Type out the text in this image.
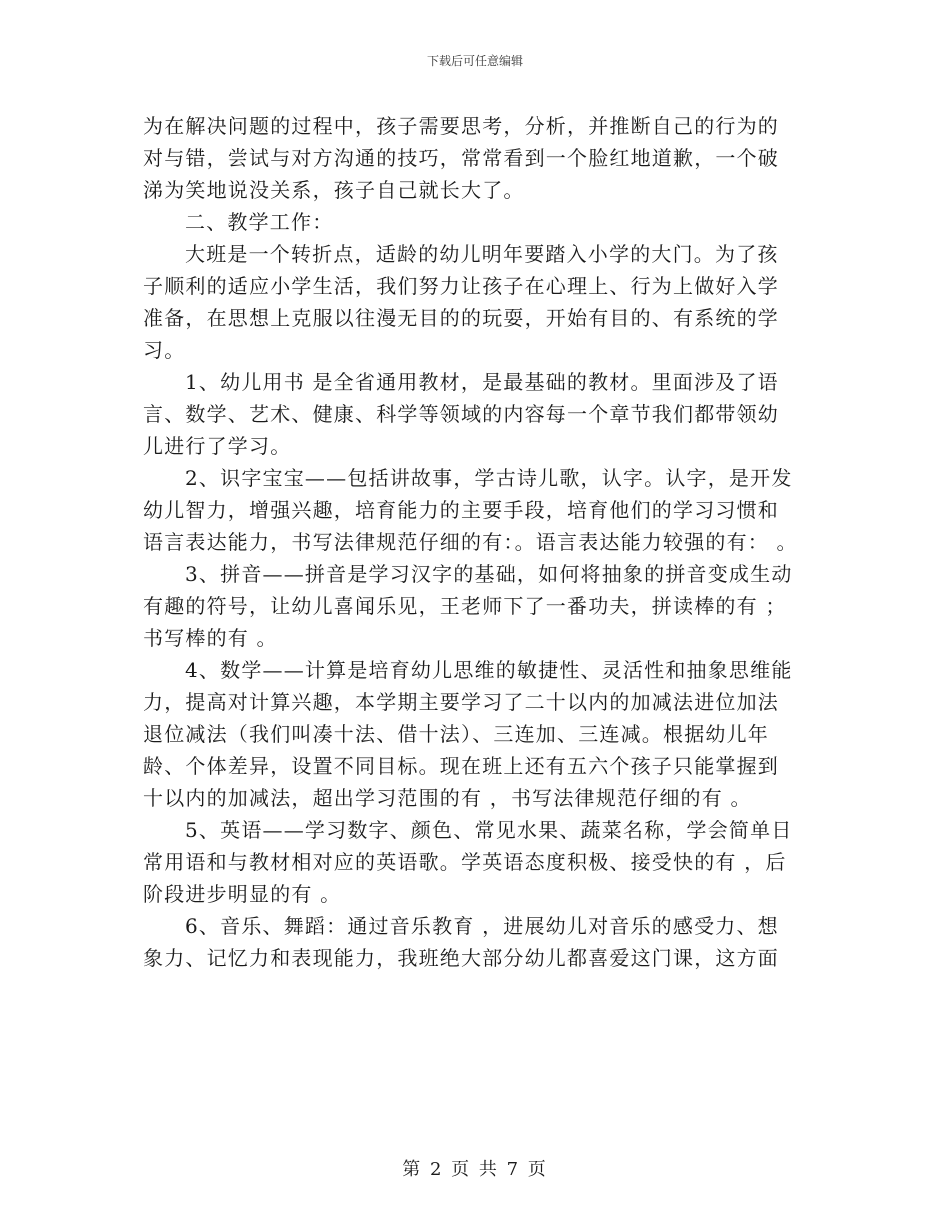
下载后可任意编辑
为在解决问题的过程中，孩子需要思考，分析，并推断自己的行为的
对与错，尝试与对方沟通的技巧，常常看到一个脸红地道歉，一个破
涕为笑地说没关系，孩子自己就长大了。
二、教学工作：
大班是一个转折点，适龄的幼儿明年要踏入小学的大门。为了孩
子顺利的适应小学生活，我们努力让孩子在心理上、行为上做好入学
准备，在思想上克服以往漫无目的的玩耍，开始有目的、有系统的学
习。
1、幼儿用书 是全省通用教材，是最基础的教材。里面涉及了语
言、数学、艺术、健康、科学等领域的内容每一个章节我们都带领幼
儿进行了学习。
2、识字宝宝——包括讲故事，学古诗儿歌，认字。认字，是开发
幼儿智力，增强兴趣，培育能力的主要手段，培育他们的学习习惯和
语言表达能力，书写法律规范仔细的有：。语言表达能力较强的有： 。
3、拼音——拼音是学习汉字的基础，如何将抽象的拼音变成生动
有趣的符号，让幼儿喜闻乐见，王老师下了一番功夫，拼读棒的有 ；
书写棒的有 。
4、数学——计算是培育幼儿思维的敏捷性、灵活性和抽象思维能
力，提高对计算兴趣，本学期主要学习了二十以内的加减法进位加法
退位减法（我们叫凑十法、借十法）、三连加、三连减。根据幼儿年
龄、个体差异，设置不同目标。现在班上还有五六个孩子只能掌握到
十以内的加减法，超出学习范围的有 ，书写法律规范仔细的有 。
5、英语——学习数字、颜色、常见水果、蔬菜名称，学会简单日
常用语和与教材相对应的英语歌。学英语态度积极、接受快的有 ，后
阶段进步明显的有 。
6、音乐、舞蹈：通过音乐教育 ，进展幼儿对音乐的感受力、想
象力、记忆力和表现能力，我班绝大部分幼儿都喜爱这门课，这方面
第 2 页 共 7 页
